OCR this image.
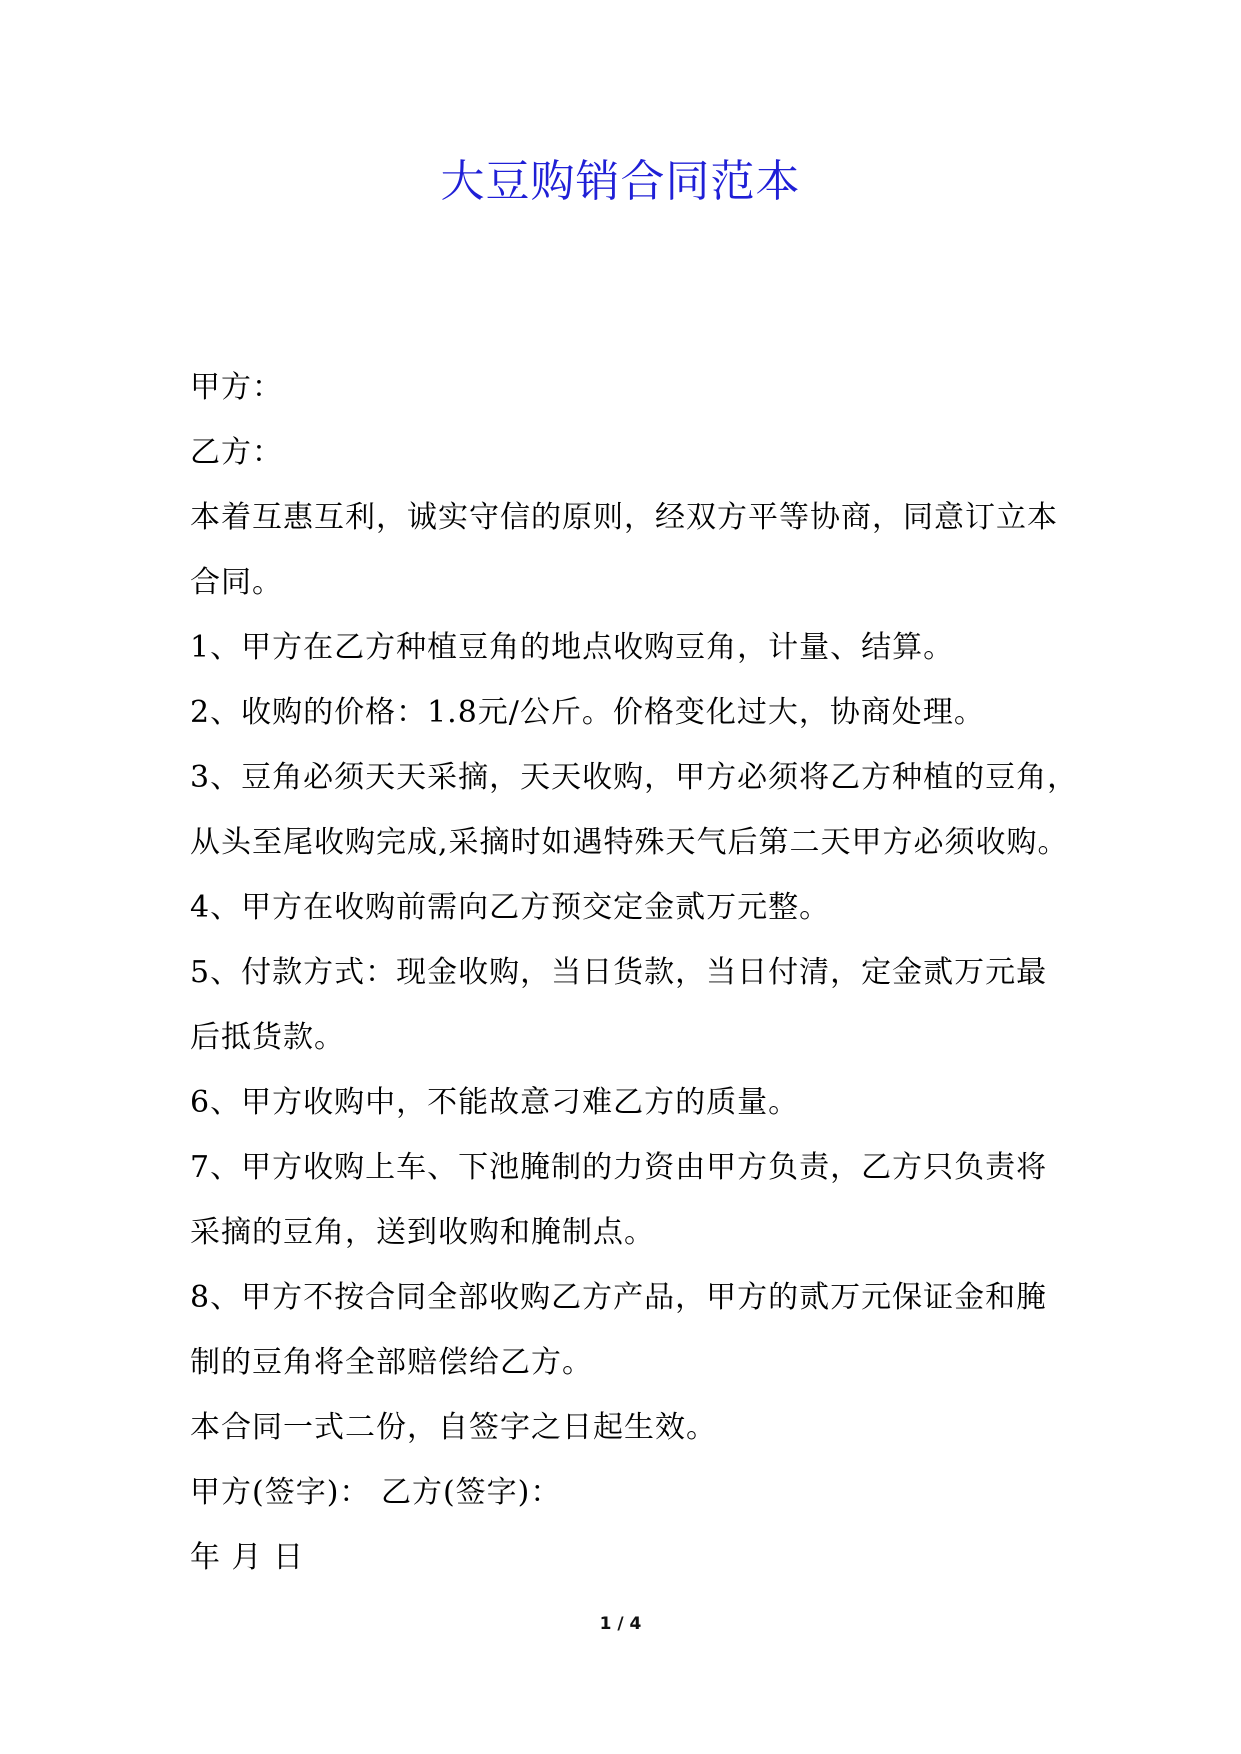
大豆购销合同范本
甲方：
乙方：
本着互惠互利，诚实守信的原则，经双方平等协商，同意订立本
合同。
1、甲方在乙方种植豆角的地点收购豆角，计量、结算。
2、收购的价格：1.8元/公斤。价格变化过大，协商处理。
3、豆角必须天天采摘，天天收购，甲方必须将乙方种植的豆角，
从头至尾收购完成,采摘时如遇特殊天气后第二天甲方必须收购。
4、甲方在收购前需向乙方预交定金贰万元整。
5、付款方式：现金收购，当日货款，当日付清，定金贰万元最
后抵货款。
6、甲方收购中，不能故意刁难乙方的质量。
7、甲方收购上车、下池腌制的力资由甲方负责，乙方只负责将
采摘的豆角，送到收购和腌制点。
8、甲方不按合同全部收购乙方产品，甲方的贰万元保证金和腌
制的豆角将全部赔偿给乙方。
本合同一式二份，自签字之日起生效。
甲方(签字)： 乙方(签字)：
年 月 日
1 / 4
